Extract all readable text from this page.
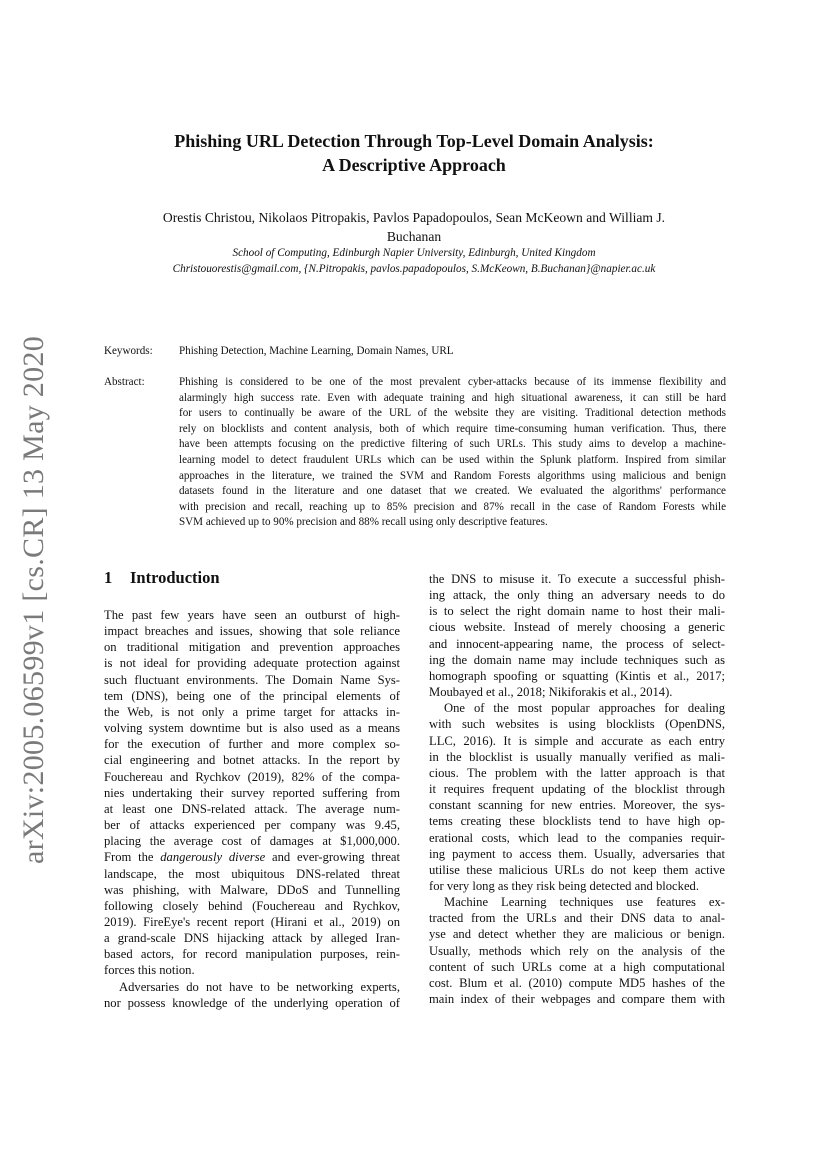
arXiv:2005.06599v1 [cs.CR] 13 May 2020
Phishing URL Detection Through Top-Level Domain Analysis:
A Descriptive Approach
Orestis Christou, Nikolaos Pitropakis, Pavlos Papadopoulos, Sean McKeown and William J.
Buchanan
School of Computing, Edinburgh Napier University, Edinburgh, United Kingdom
Christouorestis@gmail.com, {N.Pitropakis, pavlos.papadopoulos, S.McKeown, B.Buchanan}@napier.ac.uk
Keywords: Phishing Detection, Machine Learning, Domain Names, URL
Abstract:	Phishing is considered to be one of the most prevalent cyber-attacks because of its immense flexibility and
alarmingly high success rate. Even with adequate training and high situational awareness, it can still be hard
for users to continually be aware of the URL of the website they are visiting. Traditional detection methods
rely on blocklists and content analysis, both of which require time-consuming human verification. Thus, there
have been attempts focusing on the predictive filtering of such URLs. This study aims to develop a machine-
learning model to detect fraudulent URLs which can be used within the Splunk platform. Inspired from similar
approaches in the literature, we trained the SVM and Random Forests algorithms using malicious and benign
datasets found in the literature and one dataset that we created. We evaluated the algorithms' performance
with precision and recall, reaching up to 85% precision and 87% recall in the case of Random Forests while
SVM achieved up to 90% precision and 88% recall using only descriptive features.
1 Introduction
The past few years have seen an outburst of high-
impact breaches and issues, showing that sole reliance
on traditional mitigation and prevention approaches
is not ideal for providing adequate protection against
such fluctuant environments. The Domain Name Sys-
tem (DNS), being one of the principal elements of
the Web, is not only a prime target for attacks in-
volving system downtime but is also used as a means
for the execution of further and more complex so-
cial engineering and botnet attacks. In the report by
Fouchereau and Rychkov (2019), 82% of the compa-
nies undertaking their survey reported suffering from
at least one DNS-related attack. The average num-
ber of attacks experienced per company was 9.45,
placing the average cost of damages at $1,000,000.
From the dangerously diverse and ever-growing threat
landscape, the most ubiquitous DNS-related threat
was phishing, with Malware, DDoS and Tunnelling
following closely behind (Fouchereau and Rychkov,
2019). FireEye's recent report (Hirani et al., 2019) on
a grand-scale DNS hijacking attack by alleged Iran-
based actors, for record manipulation purposes, rein-
forces this notion.
Adversaries do not have to be networking experts,
nor possess knowledge of the underlying operation of
the DNS to misuse it. To execute a successful phish-
ing attack, the only thing an adversary needs to do
is to select the right domain name to host their mali-
cious website. Instead of merely choosing a generic
and innocent-appearing name, the process of select-
ing the domain name may include techniques such as
homograph spoofing or squatting (Kintis et al., 2017;
Moubayed et al., 2018; Nikiforakis et al., 2014).
One of the most popular approaches for dealing
with such websites is using blocklists (OpenDNS,
LLC, 2016). It is simple and accurate as each entry
in the blocklist is usually manually verified as mali-
cious. The problem with the latter approach is that
it requires frequent updating of the blocklist through
constant scanning for new entries. Moreover, the sys-
tems creating these blocklists tend to have high op-
erational costs, which lead to the companies requir-
ing payment to access them. Usually, adversaries that
utilise these malicious URLs do not keep them active
for very long as they risk being detected and blocked.
Machine Learning techniques use features ex-
tracted from the URLs and their DNS data to anal-
yse and detect whether they are malicious or benign.
Usually, methods which rely on the analysis of the
content of such URLs come at a high computational
cost. Blum et al. (2010) compute MD5 hashes of the
main index of their webpages and compare them with
